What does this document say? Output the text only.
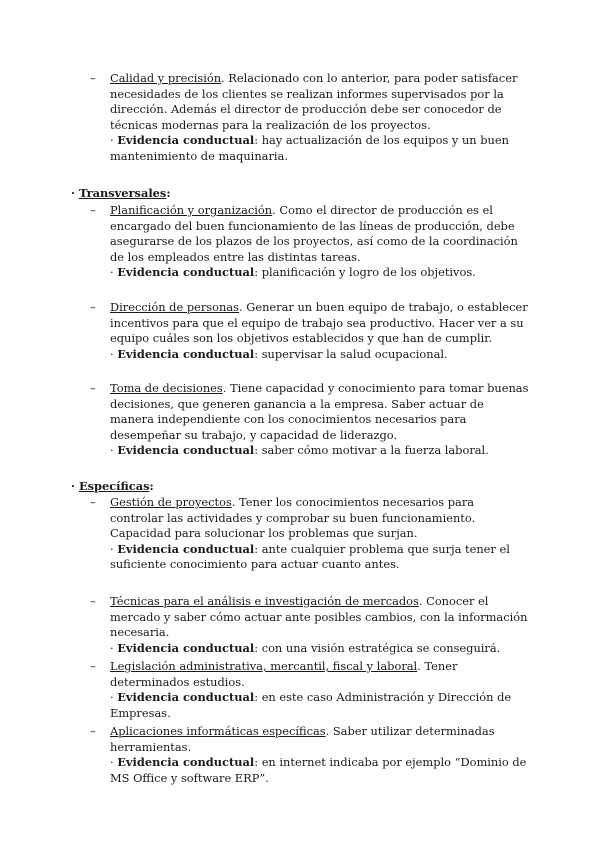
–	Calidad y precisión. Relacionado con lo anterior, para poder satisfacer necesidades de los clientes se realizan informes supervisados por la dirección. Además el director de producción debe ser conocedor de técnicas modernas para la realización de los proyectos.
· Evidencia conductual: hay actualización de los equipos y un buen mantenimiento de maquinaria.
· Transversales:
–	Planificación y organización. Como el director de producción es el encargado del buen funcionamiento de las líneas de producción, debe asegurarse de los plazos de los proyectos, así como de la coordinación de los empleados entre las distintas tareas.
· Evidencia conductual: planificación y logro de los objetivos.
–	Dirección de personas. Generar un buen equipo de trabajo, o establecer incentivos para que el equipo de trabajo sea productivo. Hacer ver a su equipo cuáles son los objetivos establecidos y que han de cumplir.
· Evidencia conductual: supervisar la salud ocupacional.
–	Toma de decisiones. Tiene capacidad y conocimiento para tomar buenas decisiones, que generen ganancia a la empresa. Saber actuar de manera independiente con los conocimientos necesarios para desempeñar su trabajo, y capacidad de liderazgo.
· Evidencia conductual: saber cómo motivar a la fuerza laboral.
· Específicas:
–	Gestión de proyectos. Tener los conocimientos necesarios para controlar las actividades y comprobar su buen funcionamiento. Capacidad para solucionar los problemas que surjan.
· Evidencia conductual: ante cualquier problema que surja tener el suficiente conocimiento para actuar cuanto antes.
–	Técnicas para el análisis e investigación de mercados. Conocer el mercado y saber cómo actuar ante posibles cambios, con la información necesaria.
· Evidencia conductual: con una visión estratégica se conseguirá.
–	Legislación administrativa, mercantil, fiscal y laboral. Tener determinados estudios.
· Evidencia conductual: en este caso Administración y Dirección de Empresas.
–	Aplicaciones informáticas específicas. Saber utilizar determinadas herramientas.
· Evidencia conductual: en internet indicaba por ejemplo “Dominio de MS Office y software ERP”.
